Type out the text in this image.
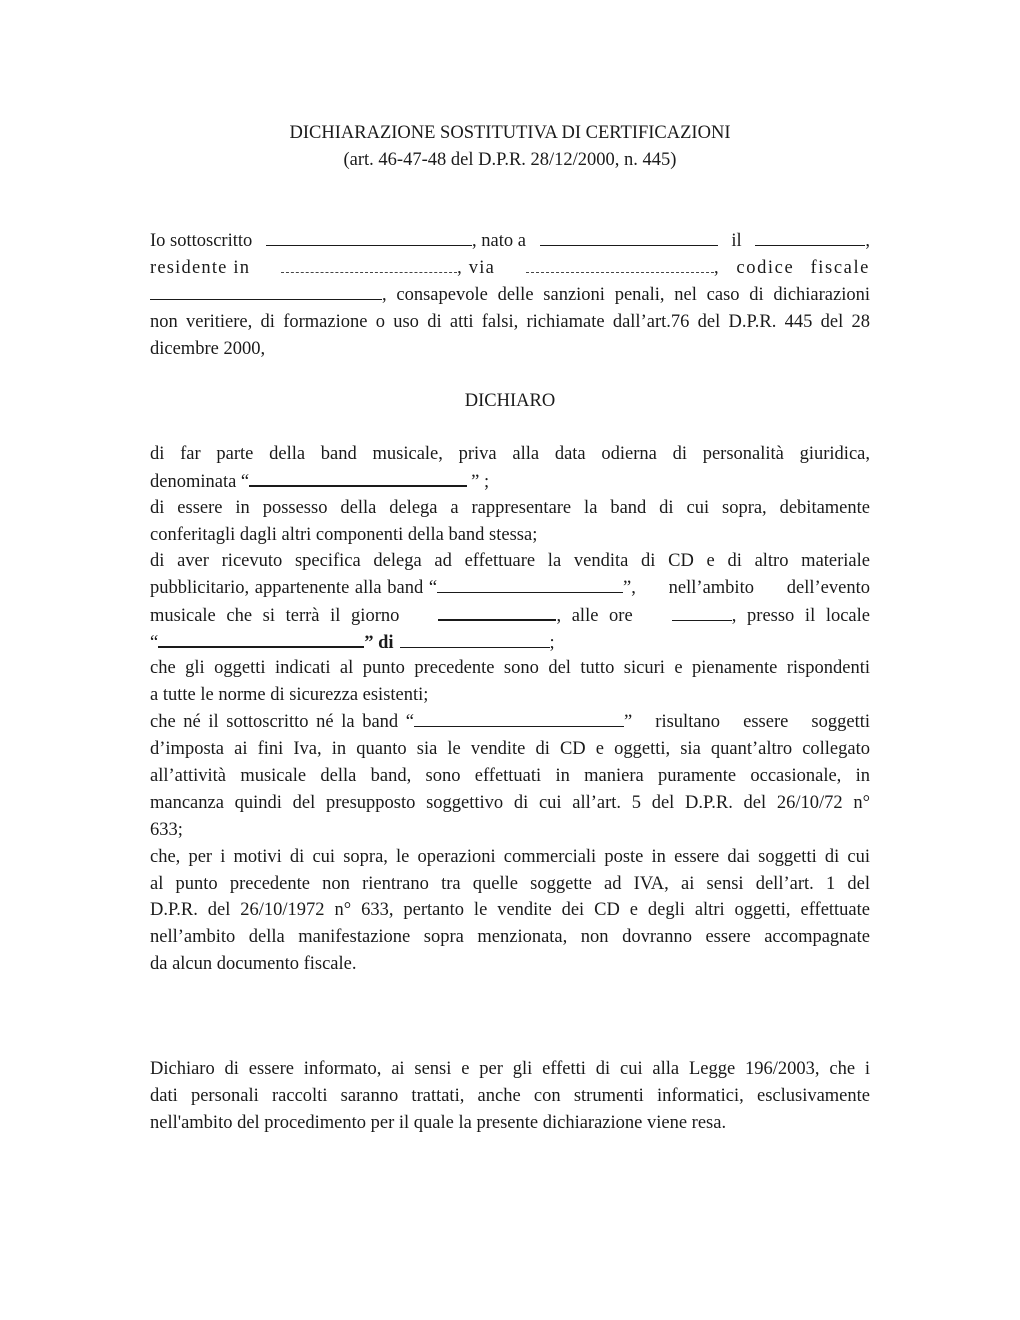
DICHIARAZIONE SOSTITUTIVA DI CERTIFICAZIONI
(art. 46-47-48 del D.P.R. 28/12/2000, n. 445)
Io sottoscritto	, nato a	il	,
residente in	, via	, codice fiscale
, consapevole delle sanzioni penali, nel caso di dichiarazioni
non veritiere, di formazione o uso di atti falsi, richiamate dall’art.76 del D.P.R. 445 del 28
dicembre 2000,
DICHIARO
di far parte della band musicale, priva alla data odierna di personalità giuridica,
denominata “	” ;
di essere in possesso della delega a rappresentare la band di cui sopra, debitamente
conferitagli dagli altri componenti della band stessa;
di aver ricevuto specifica delega ad effettuare la vendita di CD e di altro materiale
pubblicitario, appartenente alla band “	”, nell’ambito dell’evento
musicale che si terrà il giorno	, alle ore	, presso il locale
“	” di	;
che gli oggetti indicati al punto precedente sono del tutto sicuri e pienamente rispondenti
a tutte le norme di sicurezza esistenti;
che né il sottoscritto né la band “	” risultano essere soggetti
d’imposta ai fini Iva, in quanto sia le vendite di CD e oggetti, sia quant’altro collegato
all’attività musicale della band, sono effettuati in maniera puramente occasionale, in
mancanza quindi del presupposto soggettivo di cui all’art. 5 del D.P.R. del 26/10/72 n°
633;
che, per i motivi di cui sopra, le operazioni commerciali poste in essere dai soggetti di cui
al punto precedente non rientrano tra quelle soggette ad IVA, ai sensi dell’art. 1 del
D.P.R. del 26/10/1972 n° 633, pertanto le vendite dei CD e degli altri oggetti, effettuate
nell’ambito della manifestazione sopra menzionata, non dovranno essere accompagnate
da alcun documento fiscale.
Dichiaro di essere informato, ai sensi e per gli effetti di cui alla Legge 196/2003, che i
dati personali raccolti saranno trattati, anche con strumenti informatici, esclusivamente
nell'ambito del procedimento per il quale la presente dichiarazione viene resa.
